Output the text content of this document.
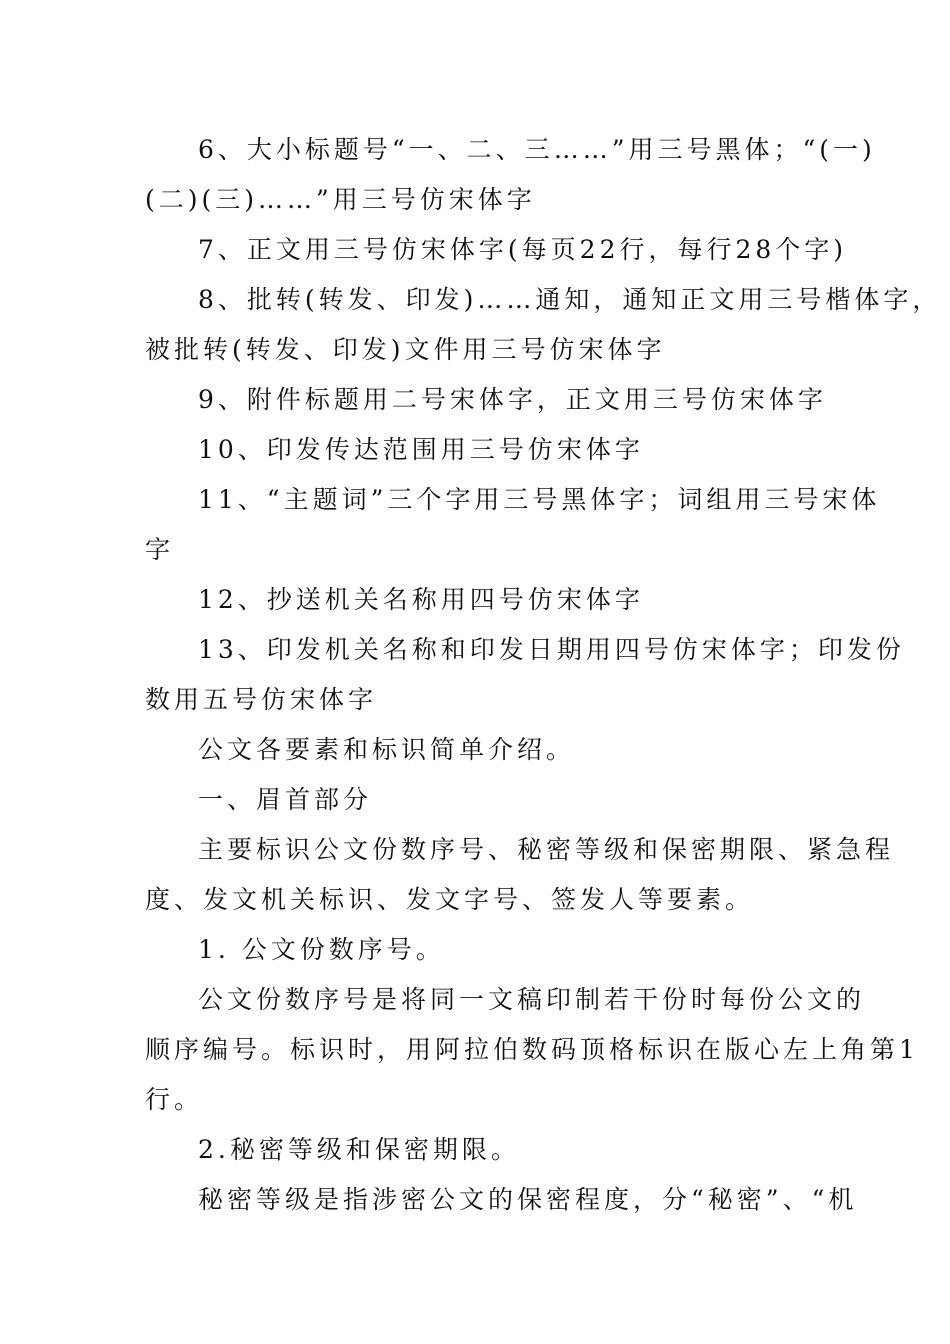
6、大小标题号“一、二、三……”用三号黑体；“(一)
(二)(三)……”用三号仿宋体字
7、正文用三号仿宋体字(每页22行，每行28个字)
8、批转(转发、印发)……通知，通知正文用三号楷体字，
被批转(转发、印发)文件用三号仿宋体字
9、附件标题用二号宋体字，正文用三号仿宋体字
10、印发传达范围用三号仿宋体字
11、“主题词”三个字用三号黑体字；词组用三号宋体
字
12、抄送机关名称用四号仿宋体字
13、印发机关名称和印发日期用四号仿宋体字；印发份
数用五号仿宋体字
公文各要素和标识简单介绍。
一、眉首部分
主要标识公文份数序号、秘密等级和保密期限、紧急程
度、发文机关标识、发文字号、签发人等要素。
1. 公文份数序号。
公文份数序号是将同一文稿印制若干份时每份公文的
顺序编号。标识时，用阿拉伯数码顶格标识在版心左上角第1
行。
2.秘密等级和保密期限。
秘密等级是指涉密公文的保密程度，分“秘密”、“机
